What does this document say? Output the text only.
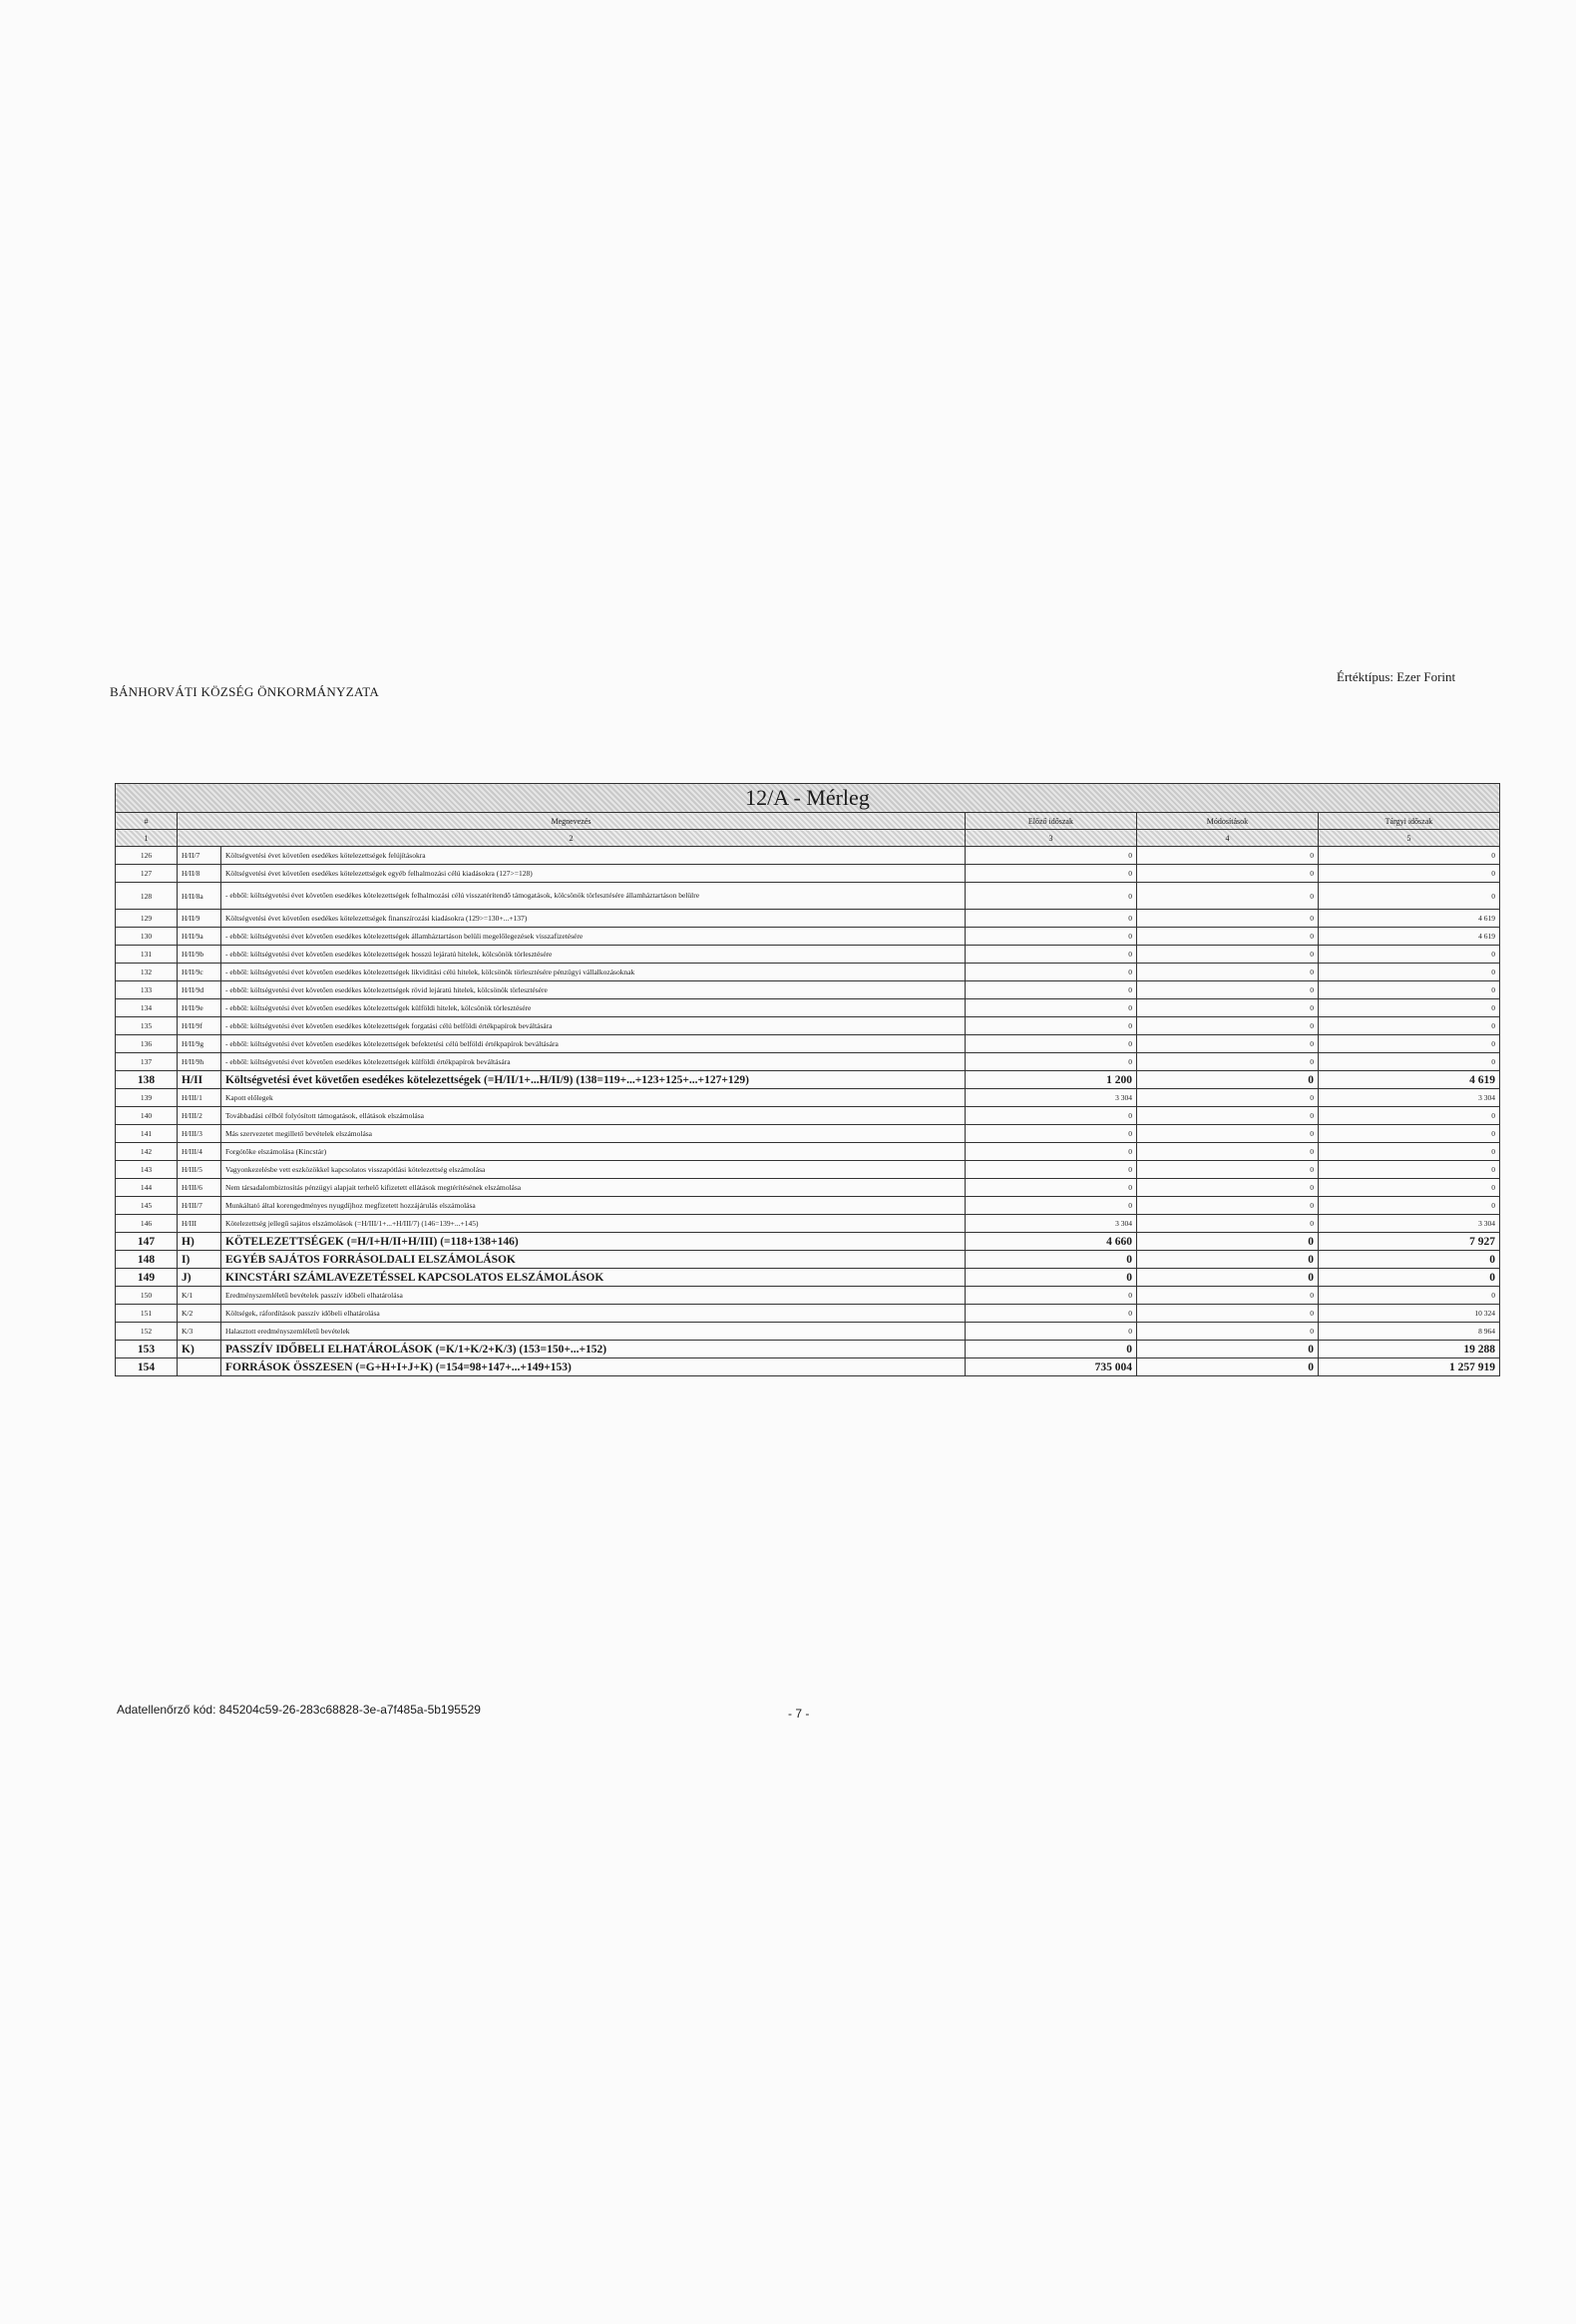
BÁNHORVÁTI KÖZSÉG ÖNKORMÁNYZATA
Értéktípus: Ezer Forint
12/A - Mérleg					
#	Megnevezés		Előző időszak	Módosítások	Tárgyi időszak
1	2		3	4	5
126	H/II/7	Költségvetési évet követően esedékes kötelezettségek felújításokra	0	0	0
127	H/II/8	Költségvetési évet követően esedékes kötelezettségek egyéb felhalmozási célú kiadásokra (127>=128)	0	0	0
128	H/II/8a	- ebből: költségvetési évet követően esedékes kötelezettségek felhalmozási célú visszatérítendő támogatások, kölcsönök törlesztésére államháztartáson belülre	0	0	0
129	H/II/9	Költségvetési évet követően esedékes kötelezettségek finanszírozási kiadásokra (129>=130+...+137)	0	0	4 619
130	H/II/9a	- ebből: költségvetési évet követően esedékes kötelezettségek államháztartáson belüli megelőlegezések visszafizetésére	0	0	4 619
131	H/II/9b	- ebből: költségvetési évet követően esedékes kötelezettségek hosszú lejáratú hitelek, kölcsönök törlesztésére	0	0	0
132	H/II/9c	- ebből: költségvetési évet követően esedékes kötelezettségek likviditási célú hitelek, kölcsönök törlesztésére pénzügyi vállalkozásoknak	0	0	0
133	H/II/9d	- ebből: költségvetési évet követően esedékes kötelezettségek rövid lejáratú hitelek, kölcsönök törlesztésére	0	0	0
134	H/II/9e	- ebből: költségvetési évet követően esedékes kötelezettségek külföldi hitelek, kölcsönök törlesztésére	0	0	0
135	H/II/9f	- ebből: költségvetési évet követően esedékes kötelezettségek forgatási célú belföldi értékpapírok beváltására	0	0	0
136	H/II/9g	- ebből: költségvetési évet követően esedékes kötelezettségek befektetési célú belföldi értékpapírok beváltására	0	0	0
137	H/II/9h	- ebből: költségvetési évet követően esedékes kötelezettségek külföldi értékpapírok beváltására	0	0	0
138	H/II	Költségvetési évet követően esedékes kötelezettségek (=H/II/1+...H/II/9) (138=119+...+123+125+...+127+129)	1 200	0	4 619
139	H/III/1	Kapott előlegek	3 304	0	3 304
140	H/III/2	Továbbadási célból folyósított támogatások, ellátások elszámolása	0	0	0
141	H/III/3	Más szervezetet megillető bevételek elszámolása	0	0	0
142	H/III/4	Forgótőke elszámolása (Kincstár)	0	0	0
143	H/III/5	Vagyonkezelésbe vett eszközökkel kapcsolatos visszapótlási kötelezettség elszámolása	0	0	0
144	H/III/6	Nem társadalombiztosítás pénzügyi alapjait terhelő kifizetett ellátások megtérítésének elszámolása	0	0	0
145	H/III/7	Munkáltató által korengedményes nyugdíjhoz megfizetett hozzájárulás elszámolása	0	0	0
146	H/III	Kötelezettség jellegű sajátos elszámolások (=H/III/1+...+H/III/7) (146=139+...+145)	3 304	0	3 304
147	H)	KÖTELEZETTSÉGEK (=H/I+H/II+H/III) (=118+138+146)	4 660	0	7 927
148	I)	EGYÉB SAJÁTOS FORRÁSOLDALI ELSZÁMOLÁSOK	0	0	0
149	J)	KINCSTÁRI SZÁMLAVEZETÉSSEL KAPCSOLATOS ELSZÁMOLÁSOK	0	0	0
150	K/1	Eredményszemléletű bevételek passzív időbeli elhatárolása	0	0	0
151	K/2	Költségek, ráfordítások passzív időbeli elhatárolása	0	0	10 324
152	K/3	Halasztott eredményszemléletű bevételek	0	0	8 964
153	K)	PASSZÍV IDŐBELI ELHATÁROLÁSOK (=K/1+K/2+K/3) (153=150+...+152)	0	0	19 288
154		FORRÁSOK ÖSSZESEN (=G+H+I+J+K) (=154=98+147+...+149+153)	735 004	0	1 257 919
Adatellenőrző kód: 845204c59-26-283c68828-3e-a7f485a-5b195529	- 7 -
